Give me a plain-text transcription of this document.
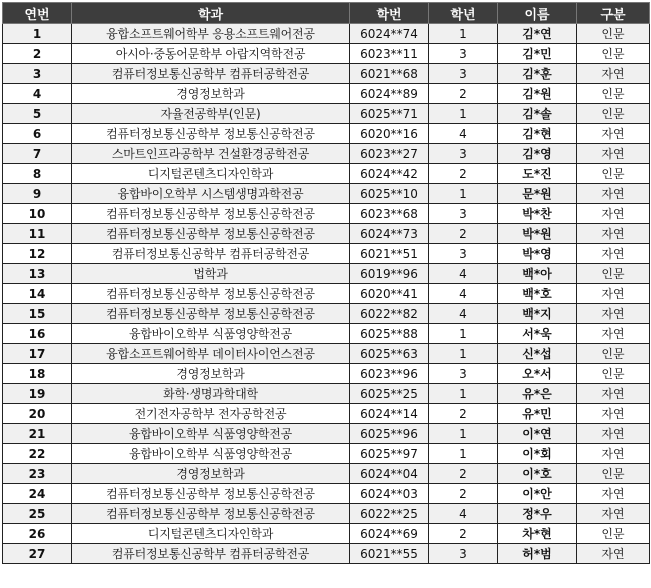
연번	학과	학번	학년	이름	구분
1	융합소프트웨어학부 응용소프트웨어전공	6024**74	1	김*연	인문
2	아시아·중동어문학부 아랍지역학전공	6023**11	3	김*민	인문
3	컴퓨터정보통신공학부 컴퓨터공학전공	6021**68	3	김*훈	자연
4	경영정보학과	6024**89	2	김*원	인문
5	자율전공학부(인문)	6025**71	1	김*솔	인문
6	컴퓨터정보통신공학부 정보통신공학전공	6020**16	4	김*현	자연
7	스마트인프라공학부 건설환경공학전공	6023**27	3	김*영	자연
8	디지털콘텐츠디자인학과	6024**42	2	도*진	인문
9	융합바이오학부 시스템생명과학전공	6025**10	1	문*원	자연
10	컴퓨터정보통신공학부 정보통신공학전공	6023**68	3	박*찬	자연
11	컴퓨터정보통신공학부 정보통신공학전공	6024**73	2	박*원	자연
12	컴퓨터정보통신공학부 컴퓨터공학전공	6021**51	3	박*영	자연
13	법학과	6019**96	4	백*아	인문
14	컴퓨터정보통신공학부 정보통신공학전공	6020**41	4	백*호	자연
15	컴퓨터정보통신공학부 정보통신공학전공	6022**82	4	백*지	자연
16	융합바이오학부 식품영양학전공	6025**88	1	서*욱	자연
17	융합소프트웨어학부 데이터사이언스전공	6025**63	1	신*섭	인문
18	경영정보학과	6023**96	3	오*서	인문
19	화학·생명과학대학	6025**25	1	유*은	자연
20	전기전자공학부 전자공학전공	6024**14	2	유*민	자연
21	융합바이오학부 식품영양학전공	6025**96	1	이*연	자연
22	융합바이오학부 식품영양학전공	6025**97	1	이*회	자연
23	경영정보학과	6024**04	2	이*호	인문
24	컴퓨터정보통신공학부 정보통신공학전공	6024**03	2	이*안	자연
25	컴퓨터정보통신공학부 정보통신공학전공	6022**25	4	정*우	자연
26	디지털콘텐츠디자인학과	6024**69	2	차*현	인문
27	컴퓨터정보통신공학부 컴퓨터공학전공	6021**55	3	허*범	자연
